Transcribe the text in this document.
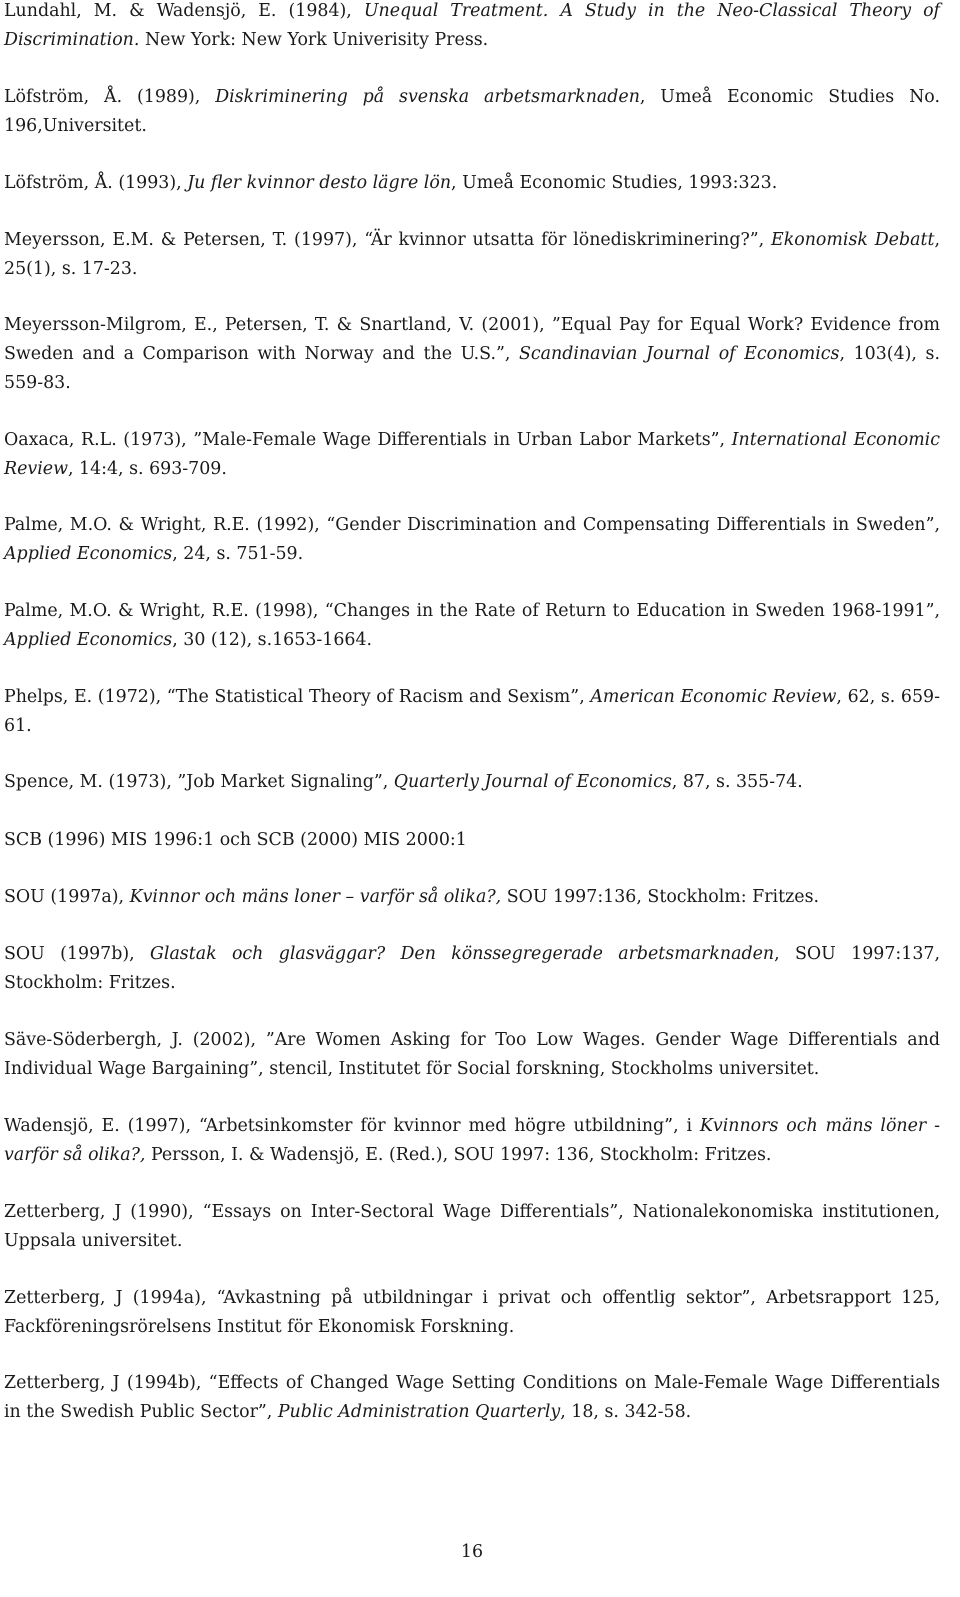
Lundahl, M. & Wadensjö, E. (1984), Unequal Treatment. A Study in the Neo-Classical Theory of Discrimination. New York: New York Univerisity Press.

Löfström, Å. (1989), Diskriminering på svenska arbetsmarknaden, Umeå Economic Studies No. 196,Universitet.

Löfström, Å. (1993), Ju fler kvinnor desto lägre lön, Umeå Economic Studies, 1993:323.

Meyersson, E.M. & Petersen, T. (1997), “Är kvinnor utsatta för lönediskriminering?”, Ekonomisk Debatt, 25(1), s. 17-23.

Meyersson-Milgrom, E., Petersen, T. & Snartland, V. (2001), ”Equal Pay for Equal Work? Evidence from Sweden and a Comparison with Norway and the U.S.”, Scandinavian Journal of Economics, 103(4), s. 559-83.

Oaxaca, R.L. (1973), ”Male-Female Wage Differentials in Urban Labor Markets”, International Economic Review, 14:4, s. 693-709.

Palme, M.O. & Wright, R.E. (1992), “Gender Discrimination and Compensating Differentials in Sweden”, Applied Economics, 24, s. 751-59.

Palme, M.O. & Wright, R.E. (1998), “Changes in the Rate of Return to Education in Sweden 1968-1991”, Applied Economics, 30 (12), s.1653-1664.

Phelps, E. (1972), “The Statistical Theory of Racism and Sexism”, American Economic Review, 62, s. 659-61.

Spence, M. (1973), ”Job Market Signaling”, Quarterly Journal of Economics, 87, s. 355-74.

SCB (1996) MIS 1996:1 och SCB (2000) MIS 2000:1

SOU (1997a), Kvinnor och mäns loner – varför så olika?, SOU 1997:136, Stockholm: Fritzes.

SOU (1997b), Glastak och glasväggar? Den könssegregerade arbetsmarknaden, SOU 1997:137, Stockholm: Fritzes.

Säve-Söderbergh, J. (2002), ”Are Women Asking for Too Low Wages. Gender Wage Differentials and Individual Wage Bargaining”, stencil, Institutet för Social forskning, Stockholms universitet.

Wadensjö, E. (1997), “Arbetsinkomster för kvinnor med högre utbildning”, i Kvinnors och mäns löner - varför så olika?, Persson, I. & Wadensjö, E. (Red.), SOU 1997: 136, Stockholm: Fritzes.

Zetterberg, J (1990), “Essays on Inter-Sectoral Wage Differentials”, Nationalekonomiska institutionen, Uppsala universitet.

Zetterberg, J (1994a), “Avkastning på utbildningar i privat och offentlig sektor”, Arbetsrapport 125, Fackföreningsrörelsens Institut för Ekonomisk Forskning.

Zetterberg, J (1994b), “Effects of Changed Wage Setting Conditions on Male-Female Wage Differentials in the Swedish Public Sector”, Public Administration Quarterly, 18, s. 342-58.

16
